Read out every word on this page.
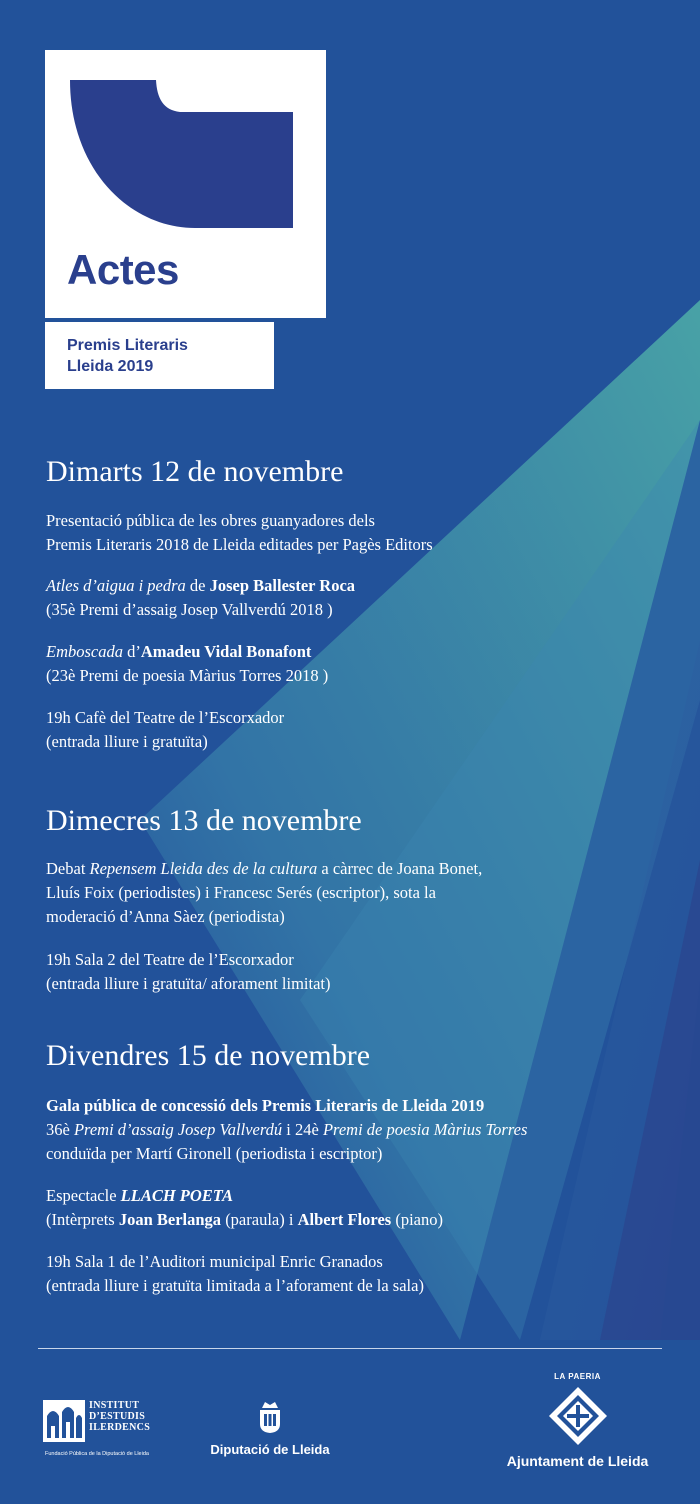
Actes
Premis Literaris
Lleida 2019
Dimarts 12 de novembre
Presentació pública de les obres guanyadores dels
Premis Literaris 2018 de Lleida editades per Pagès Editors
Atles d’aigua i pedra de Josep Ballester Roca
(35è Premi d’assaig Josep Vallverdú 2018 )
Emboscada d’Amadeu Vidal Bonafont
(23è Premi de poesia Màrius Torres 2018 )
19h Cafè del Teatre de l’Escorxador
(entrada lliure i gratuïta)
Dimecres 13 de novembre
Debat Repensem Lleida des de la cultura a càrrec de Joana Bonet,
Lluís Foix (periodistes) i Francesc Serés (escriptor), sota la
moderació d’Anna Sàez (periodista)
19h Sala 2 del Teatre de l’Escorxador
(entrada lliure i gratuïta/ aforament limitat)
Divendres 15 de novembre
Gala pública de concessió dels Premis Literaris de Lleida 2019
36è Premi d’assaig Josep Vallverdú i 24è Premi de poesia Màrius Torres
conduïda per Martí Gironell (periodista i escriptor)
Espectacle LLACH POETA
(Intèrprets Joan Berlanga (paraula) i Albert Flores (piano)
19h Sala 1 de l’Auditori municipal Enric Granados
(entrada lliure i gratuïta limitada a l’aforament de la sala)
INSTITUT
D’ESTUDIS
ILERDENCS
Fundació Pública de la Diputació de Lleida	Diputació de Lleida
LA PAERIA
Ajuntament de Lleida
